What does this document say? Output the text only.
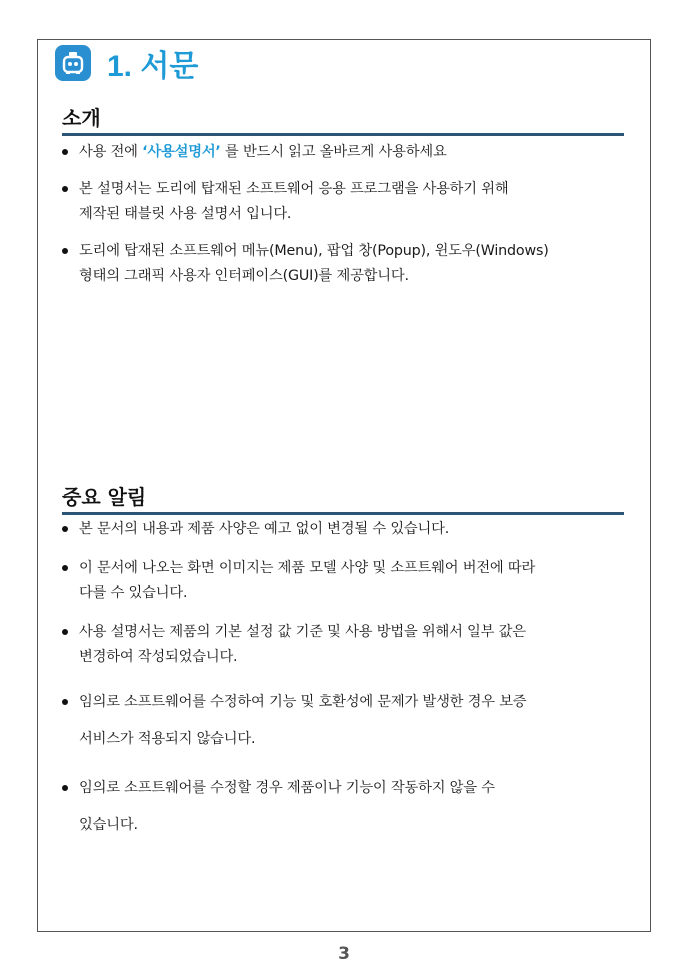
1. 서문
소개
사용 전에 ‘사용설명서’ 를 반드시 읽고 올바르게 사용하세요
본 설명서는 도리에 탑재된 소프트웨어 응용 프로그램을 사용하기 위해
제작된 태블릿 사용 설명서 입니다.
도리에 탑재된 소프트웨어 메뉴(Menu), 팝업 창(Popup), 윈도우(Windows)
형태의 그래픽 사용자 인터페이스(GUI)를 제공합니다.
중요 알림
본 문서의 내용과 제품 사양은 예고 없이 변경될 수 있습니다.
이 문서에 나오는 화면 이미지는 제품 모델 사양 및 소프트웨어 버전에 따라
다를 수 있습니다.
사용 설명서는 제품의 기본 설정 값 기준 및 사용 방법을 위해서 일부 값은
변경하여 작성되었습니다.
임의로 소프트웨어를 수정하여 기능 및 호환성에 문제가 발생한 경우 보증
서비스가 적용되지 않습니다.
임의로 소프트웨어를 수정할 경우 제품이나 기능이 작동하지 않을 수
있습니다.
3
